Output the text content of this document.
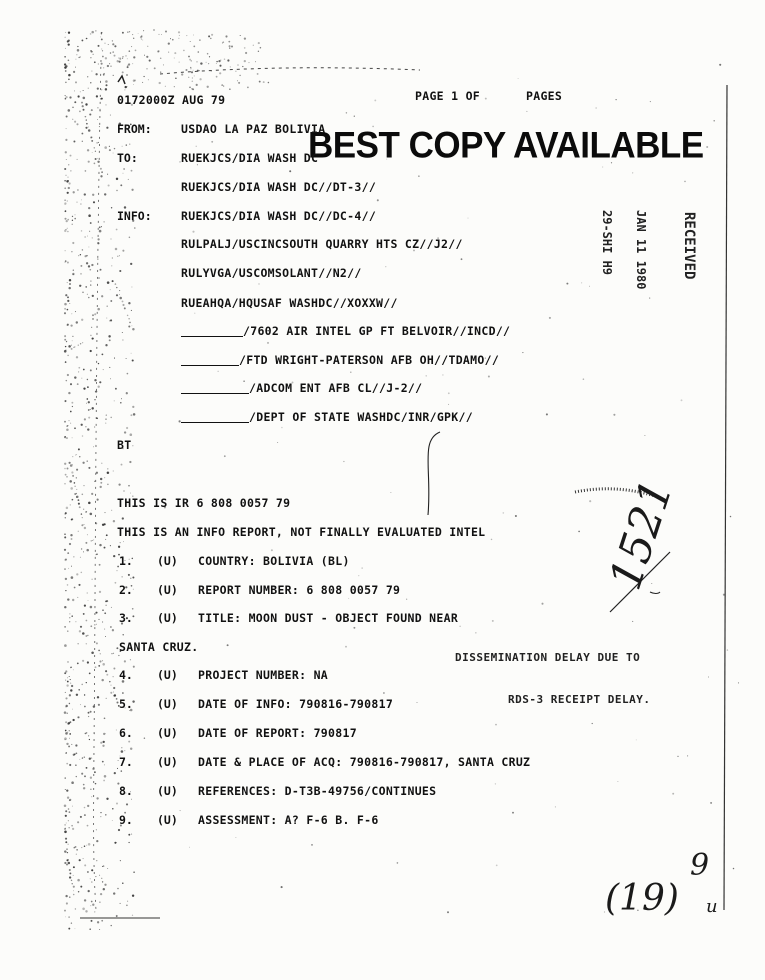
0172000Z AUG 79	PAGE 1 OF	PAGES
BEST COPY AVAILABLE
FROM:	USDAO LA PAZ BOLIVIA
TO:	RUEKJCS/DIA WASH DC
RUEKJCS/DIA WASH DC//DT-3//
INFO:	RUEKJCS/DIA WASH DC//DC-4//
RULPALJ/USCINCSOUTH QUARRY HTS CZ//J2//
RULYVGA/USCOMSOLANT//N2//
RUEAHQA/HQUSAF WASHDC//XOXXW//
/7602 AIR INTEL GP FT BELVOIR//INCD//
/FTD WRIGHT-PATERSON AFB OH//TDAMO//
/ADCOM ENT AFB CL//J-2//
/DEPT OF STATE WASHDC/INR/GPK//
BT
THIS IS IR 6 808 0057 79
THIS IS AN INFO REPORT, NOT FINALLY EVALUATED INTEL
1. (U) COUNTRY: BOLIVIA (BL)
2. (U) REPORT NUMBER: 6 808 0057 79
3. (U) TITLE: MOON DUST - OBJECT FOUND NEAR
SANTA CRUZ.
4. (U) PROJECT NUMBER: NA
5. (U) DATE OF INFO: 790816-790817
6. (U) DATE OF REPORT: 790817
7. (U) DATE & PLACE OF ACQ: 790816-790817, SANTA CRUZ
8. (U) REFERENCES: D-T3B-49756/CONTINUES
9. (U) ASSESSMENT: A? F-6 B. F-6
DISSEMINATION DELAY DUE TO
RDS-3 RECEIPT DELAY.
29-SHI H9 JAN 11 1980 RECEIVED
1521
(19)
9
u
